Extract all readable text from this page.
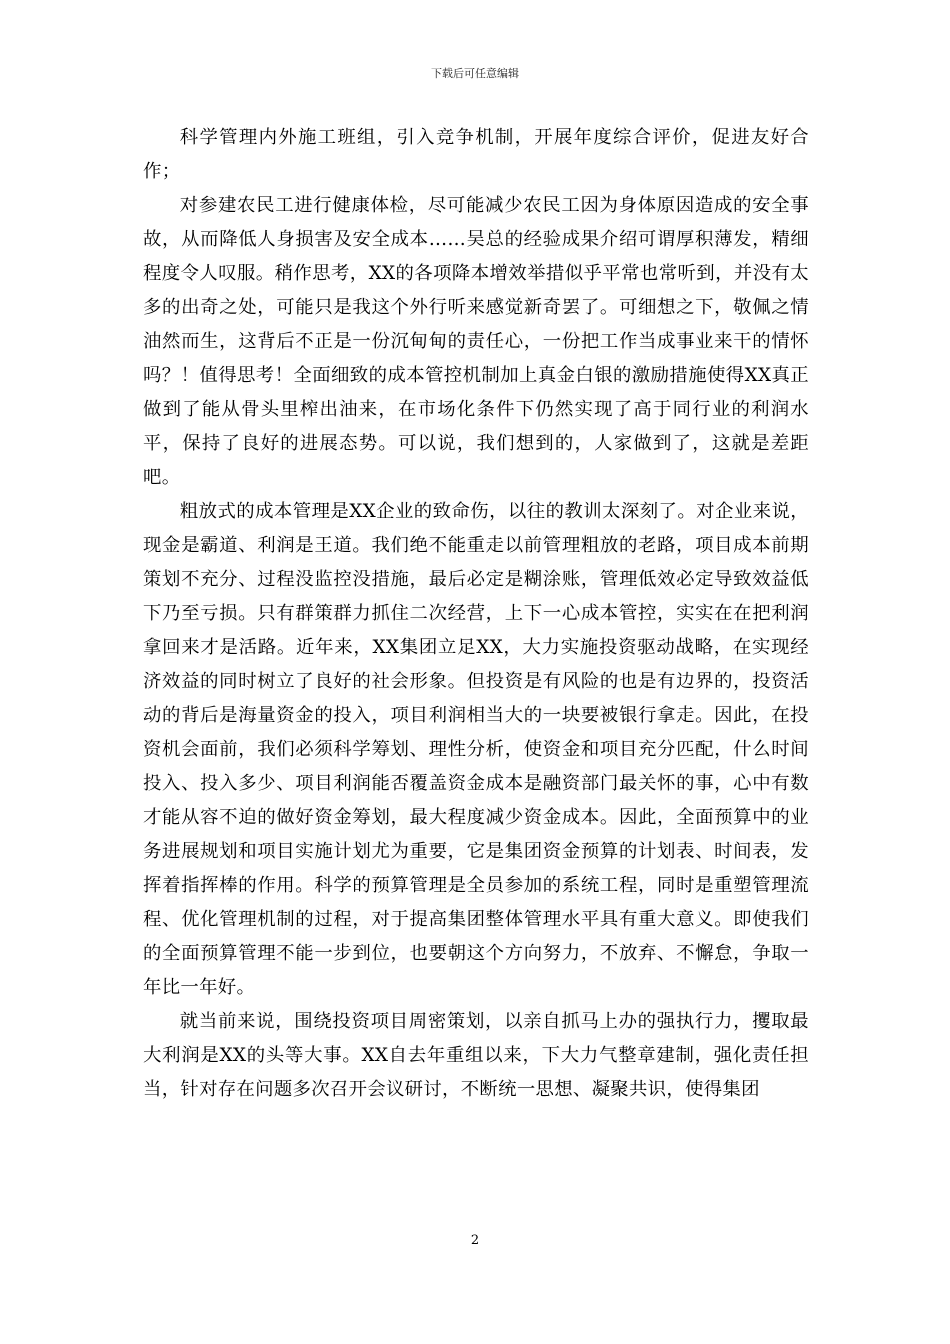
下载后可任意编辑

科学管理内外施工班组，引入竞争机制，开展年度综合评价，促进友好合作；

对参建农民工进行健康体检，尽可能减少农民工因为身体原因造成的安全事故，从而降低人身损害及安全成本……吴总的经验成果介绍可谓厚积薄发，精细程度令人叹服。稍作思考，XX的各项降本增效举措似乎平常也常听到，并没有太多的出奇之处，可能只是我这个外行听来感觉新奇罢了。可细想之下，敬佩之情油然而生，这背后不正是一份沉甸甸的责任心，一份把工作当成事业来干的情怀吗？！值得思考！全面细致的成本管控机制加上真金白银的激励措施使得XX真正做到了能从骨头里榨出油来，在市场化条件下仍然实现了高于同行业的利润水平，保持了良好的进展态势。可以说，我们想到的，人家做到了，这就是差距吧。

粗放式的成本管理是XX企业的致命伤，以往的教训太深刻了。对企业来说，现金是霸道、利润是王道。我们绝不能重走以前管理粗放的老路，项目成本前期策划不充分、过程没监控没措施，最后必定是糊涂账，管理低效必定导致效益低下乃至亏损。只有群策群力抓住二次经营，上下一心成本管控，实实在在把利润拿回来才是活路。近年来，XX集团立足XX，大力实施投资驱动战略，在实现经济效益的同时树立了良好的社会形象。但投资是有风险的也是有边界的，投资活动的背后是海量资金的投入，项目利润相当大的一块要被银行拿走。因此，在投资机会面前，我们必须科学筹划、理性分析，使资金和项目充分匹配，什么时间投入、投入多少、项目利润能否覆盖资金成本是融资部门最关怀的事，心中有数才能从容不迫的做好资金筹划，最大程度减少资金成本。因此，全面预算中的业务进展规划和项目实施计划尤为重要，它是集团资金预算的计划表、时间表，发挥着指挥棒的作用。科学的预算管理是全员参加的系统工程，同时是重塑管理流程、优化管理机制的过程，对于提高集团整体管理水平具有重大意义。即使我们的全面预算管理不能一步到位，也要朝这个方向努力，不放弃、不懈怠，争取一年比一年好。

就当前来说，围绕投资项目周密策划，以亲自抓马上办的强执行力，攫取最大利润是XX的头等大事。XX自去年重组以来，下大力气整章建制，强化责任担当，针对存在问题多次召开会议研讨，不断统一思想、凝聚共识，使得集团

2
